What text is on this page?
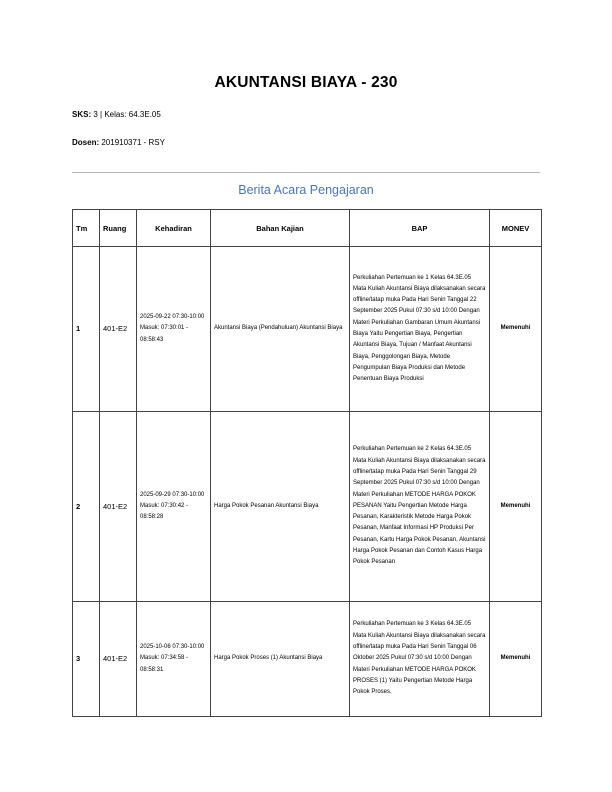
AKUNTANSI BIAYA - 230
SKS: 3 | Kelas: 64.3E.05
Dosen: 201910371 - RSY
Berita Acara Pengajaran
Tm	Ruang	Kehadiran	Bahan Kajian	BAP	MONEV
1	401-E2	2025-09-22 07:30-10:00 Masuk: 07:30:01 - 08:58:43	Akuntansi Biaya (Pendahuluan) Akuntansi Biaya	Perkuliahan Pertemuan ke 1 Kelas 64.3E.05 Mata Kuliah Akuntansi Biaya dilaksanakan secara offline/tatap muka Pada Hari Senin Tanggal 22 September 2025 Pukul 07:30 s/d 10:00 Dengan Materi Perkuliahan Gambaran Umum Akuntansi Biaya Yaitu Pengertian Biaya, Pengertian Akuntansi Biaya, Tujuan / Manfaat Akuntansi Biaya, Penggolongan Biaya, Metode Pengumpulan Biaya Produksi dan Metode Penentuan Biaya Produksi	Memenuhi
2	401-E2	2025-09-29 07:30-10:00 Masuk: 07:30:42 - 08:58:28	Harga Pokok Pesanan Akuntansi Biaya	Perkuliahan Pertemuan ke 2 Kelas 64.3E.05 Mata Kuliah Akuntansi Biaya dilaksanakan secara offline/tatap muka Pada Hari Senin Tanggal 29 September 2025 Pukul 07:30 s/d 10:00 Dengan Materi Perkuliahan METODE HARGA POKOK PESANAN Yaitu Pengertian Metode Harga Pesanan, Karakteristik Metode Harga Pokok Pesanan, Manfaat Informasi HP Produksi Per Pesanan, Kartu Harga Pokok Pesanan, Akuntansi Harga Pokok Pesanan dan Contoh Kasus Harga Pokok Pesanan	Memenuhi
3	401-E2	2025-10-06 07:30-10:00 Masuk: 07:34:58 - 08:58:31	Harga Pokok Proses (1) Akuntansi Biaya	Perkuliahan Pertemuan ke 3 Kelas 64.3E.05 Mata Kuliah Akuntansi Biaya dilaksanakan secara offline/tatap muka Pada Hari Senin Tanggal 06 Oktober 2025 Pukul 07:30 s/d 10:00 Dengan Materi Perkuliahan METODE HARGA POKOK PROSES (1) Yaitu Pengertian Metode Harga Pokok Proses,	Memenuhi
